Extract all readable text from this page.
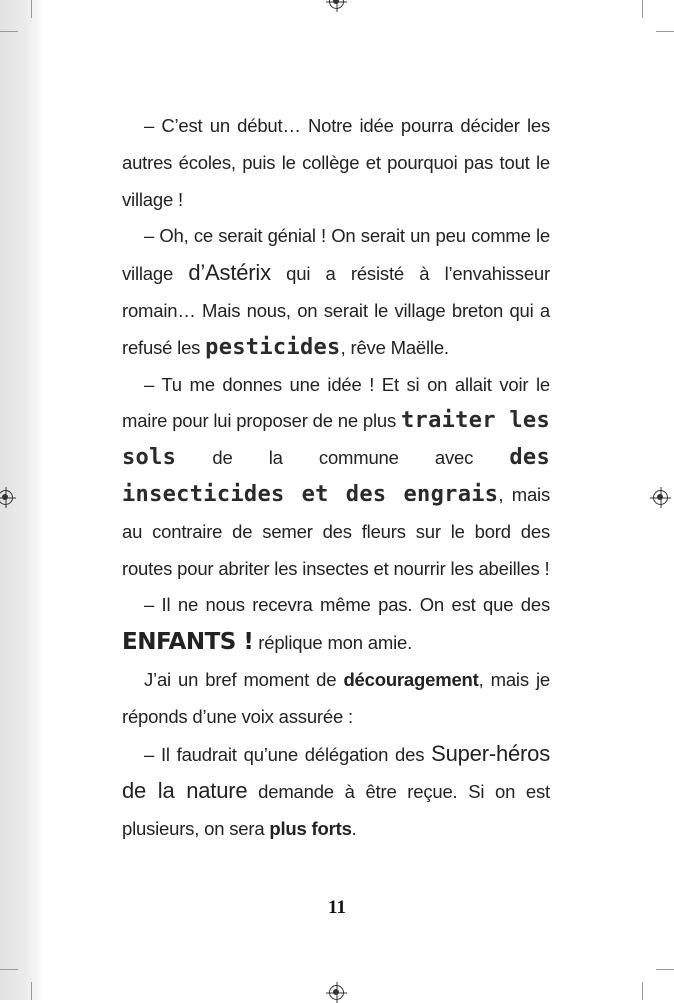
– C’est un début… Notre idée pourra décider les autres écoles, puis le collège et pourquoi pas tout le village !

– Oh, ce serait génial ! On serait un peu comme le village d’Astérix qui a résisté à l’envahisseur romain… Mais nous, on serait le village breton qui a refusé les pesticides, rêve Maëlle.

– Tu me donnes une idée ! Et si on allait voir le maire pour lui proposer de ne plus traiter les sols de la commune avec des insecticides et des engrais, mais au contraire de semer des fleurs sur le bord des routes pour abriter les insectes et nourrir les abeilles !

– Il ne nous recevra même pas. On est que des ENFANTS ! réplique mon amie.

J’ai un bref moment de découragement, mais je réponds d’une voix assurée :

– Il faudrait qu’une délégation des Super-héros de la nature demande à être reçue. Si on est plusieurs, on sera plus forts.

11
